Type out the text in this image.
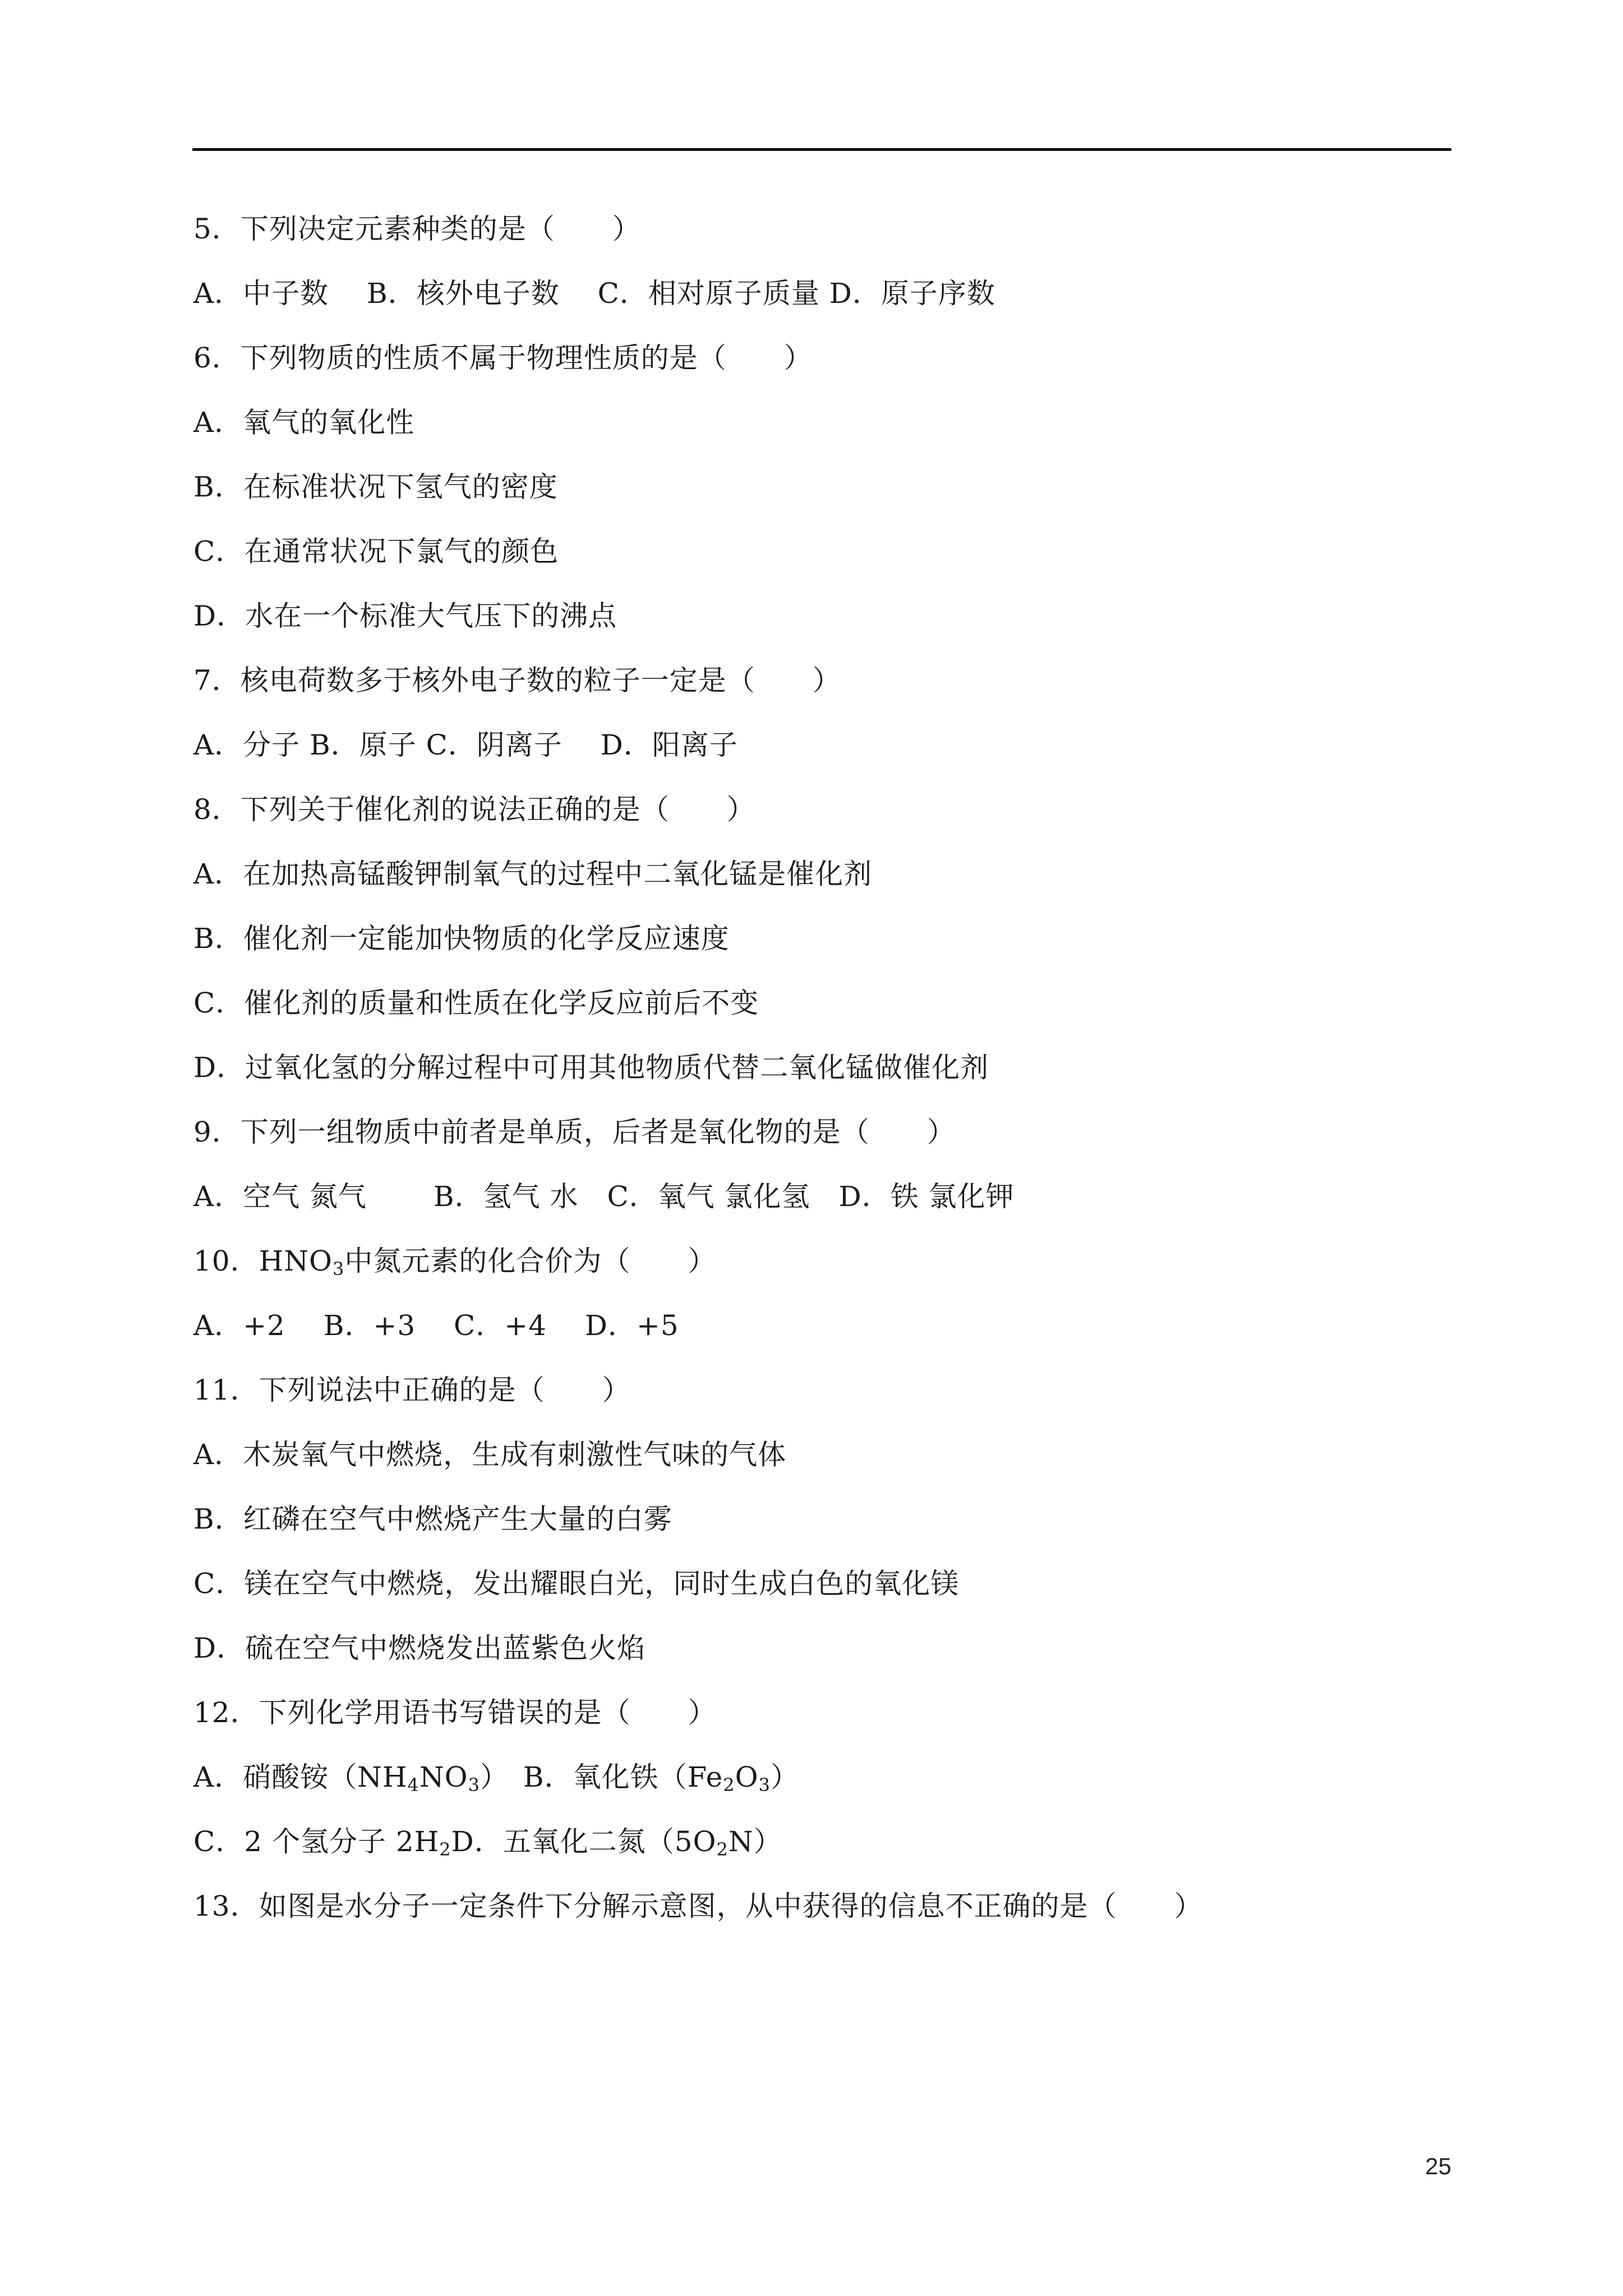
5．下列决定元素种类的是（　　）
A．中子数　 B．核外电子数　 C．相对原子质量 D．原子序数
6．下列物质的性质不属于物理性质的是（　　）
A．氧气的氧化性
B．在标准状况下氢气的密度
C．在通常状况下氯气的颜色
D．水在一个标准大气压下的沸点
7．核电荷数多于核外电子数的粒子一定是（　　）
A．分子 B．原子 C．阴离子　 D．阳离子
8．下列关于催化剂的说法正确的是（　　）
A．在加热高锰酸钾制氧气的过程中二氧化锰是催化剂
B．催化剂一定能加快物质的化学反应速度
C．催化剂的质量和性质在化学反应前后不变
D．过氧化氢的分解过程中可用其他物质代替二氧化锰做催化剂
9．下列一组物质中前者是单质，后者是氧化物的是（　　）
A．空气 氮气　　 B．氢气 水　C．氧气 氯化氢　D．铁 氯化钾
10．$HNO_3$中氮元素的化合价为（　　）
A．+2　 B．+3　 C．+4　 D．+5
11．下列说法中正确的是（　　）
A．木炭氧气中燃烧，生成有刺激性气味的气体
B．红磷在空气中燃烧产生大量的白雾
C．镁在空气中燃烧，发出耀眼白光，同时生成白色的氧化镁
D．硫在空气中燃烧发出蓝紫色火焰
12．下列化学用语书写错误的是（　　）
A．硝酸铵$(NH_4NO_3)$　B．氧化铁$(Fe_2O_3)$
C．2 个氢分子 $2H_2D$．五氧化二氮$(5O_2N)$
13．如图是水分子一定条件下分解示意图，从中获得的信息不正确的是（　　）
25
